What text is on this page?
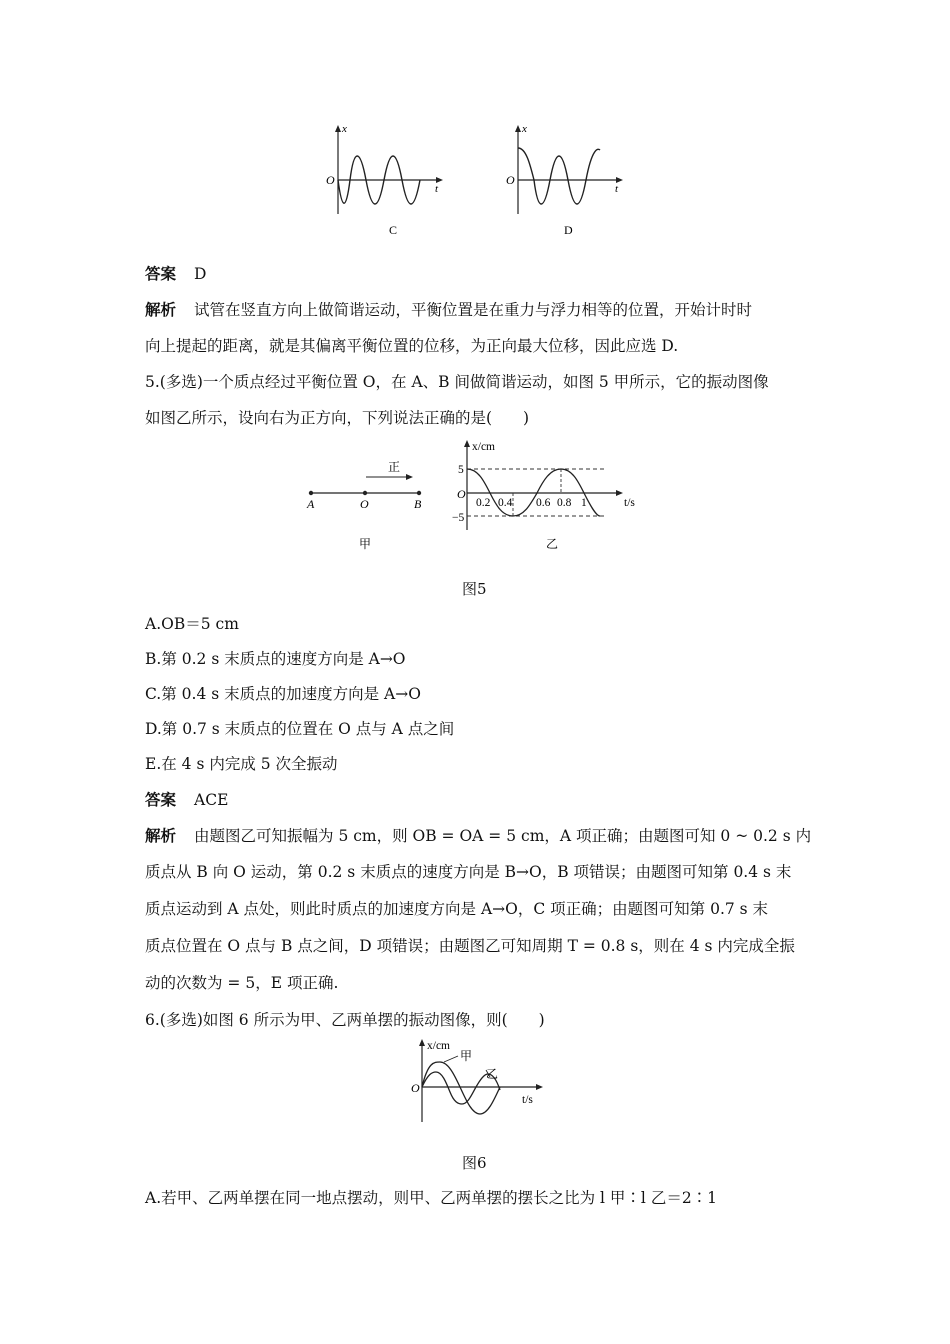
x
t
O
C
x
t
O
D
答案 D
解析 试管在竖直方向上做简谐运动，平衡位置是在重力与浮力相等的位置，开始计时时
向上提起的距离，就是其偏离平衡位置的位移，为正向最大位移，因此应选 D.
5.(多选)一个质点经过平衡位置 O，在 A、B 间做简谐运动，如图 5 甲所示，它的振动图像
如图乙所示，设向右为正方向，下列说法正确的是(　　)
正
A	O	B
甲
x/cm
t/s
O
5
−5
0.2 0.4 0.6 0.8 1
乙
图5
A.OB＝5 cm
B.第 0.2 s 末质点的速度方向是 A→O
C.第 0.4 s 末质点的加速度方向是 A→O
D.第 0.7 s 末质点的位置在 O 点与 A 点之间
E.在 4 s 内完成 5 次全振动
答案 ACE
解析 由题图乙可知振幅为 5 cm，则 OB = OA = 5 cm，A 项正确；由题图可知 0 ~ 0.2 s 内
质点从 B 向 O 运动，第 0.2 s 末质点的速度方向是 B→O，B 项错误；由题图可知第 0.4 s 末
质点运动到 A 点处，则此时质点的加速度方向是 A→O，C 项正确；由题图可知第 0.7 s 末
质点位置在 O 点与 B 点之间，D 项错误；由题图乙可知周期 T = 0.8 s，则在 4 s 内完成全振
动的次数为 = 5，E 项正确.
6.(多选)如图 6 所示为甲、乙两单摆的振动图像，则(　　)
x/cm
t/s
O
甲
乙
图6
A.若甲、乙两单摆在同一地点摆动，则甲、乙两单摆的摆长之比为 l 甲∶l 乙＝2∶1
